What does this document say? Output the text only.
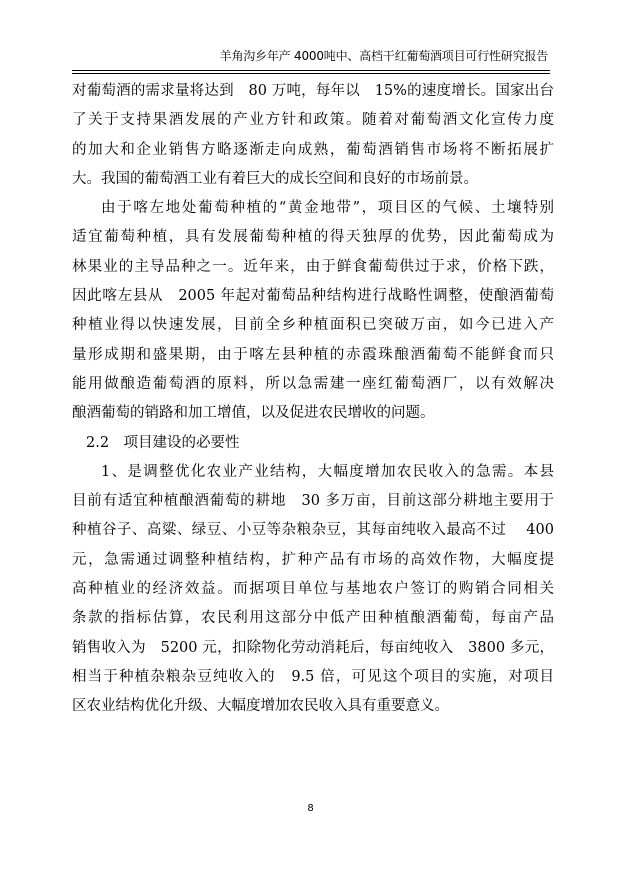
羊角沟乡年产 4000吨中、高档干红葡萄酒项目可行性研究报告
对葡萄酒的需求量将达到　80 万吨，每年以　15%的速度增长。国家出台
了关于支持果酒发展的产业方针和政策。随着对葡萄酒文化宣传力度
的加大和企业销售方略逐渐走向成熟，葡萄酒销售市场将不断拓展扩
大。我国的葡萄酒工业有着巨大的成长空间和良好的市场前景。
由于喀左地处葡萄种植的“黄金地带”，项目区的气候、土壤特别
适宜葡萄种植，具有发展葡萄种植的得天独厚的优势，因此葡萄成为
林果业的主导品种之一。近年来，由于鲜食葡萄供过于求，价格下跌，
因此喀左县从　2005 年起对葡萄品种结构进行战略性调整，使酿酒葡萄
种植业得以快速发展，目前全乡种植面积已突破万亩，如今已进入产
量形成期和盛果期，由于喀左县种植的赤霞珠酿酒葡萄不能鲜食而只
能用做酿造葡萄酒的原料，所以急需建一座红葡萄酒厂，以有效解决
酿酒葡萄的销路和加工增值，以及促进农民增收的问题。
2.2　项目建设的必要性
1、是调整优化农业产业结构，大幅度增加农民收入的急需。本县
目前有适宜种植酿酒葡萄的耕地　30 多万亩，目前这部分耕地主要用于
种植谷子、高粱、绿豆、小豆等杂粮杂豆，其每亩纯收入最高不过　 400
元，急需通过调整种植结构，扩种产品有市场的高效作物，大幅度提
高种植业的经济效益。而据项目单位与基地农户签订的购销合同相关
条款的指标估算，农民利用这部分中低产田种植酿酒葡萄，每亩产品
销售收入为　5200 元，扣除物化劳动消耗后，每亩纯收入　3800 多元，
相当于种植杂粮杂豆纯收入的　9.5 倍，可见这个项目的实施，对项目
区农业结构优化升级、大幅度增加农民收入具有重要意义。
8
